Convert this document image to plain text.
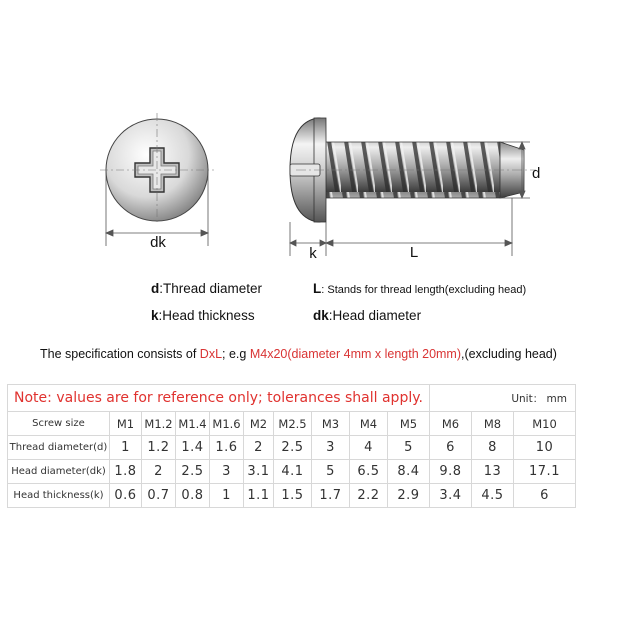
dk
d
k	L
d:Thread diameter	L: Stands for thread length(excluding head)
k:Head thickness	dk:Head diameter
The specification consists of DxL; e.g M4x20(diameter 4mm x length 20mm),(excluding head)
Note: values are for reference only; tolerances shall apply.										Unit： mm		
Screw size	M1	M1.2	M1.4	M1.6	M2	M2.5	M3	M4	M5	M6	M8	M10
Thread diameter(d)	1	1.2	1.4	1.6	2	2.5	3	4	5	6	8	10
Head diameter(dk)	1.8	2	2.5	3	3.1	4.1	5	6.5	8.4	9.8	13	17.1
Head thickness(k)	0.6	0.7	0.8	1	1.1	1.5	1.7	2.2	2.9	3.4	4.5	6
